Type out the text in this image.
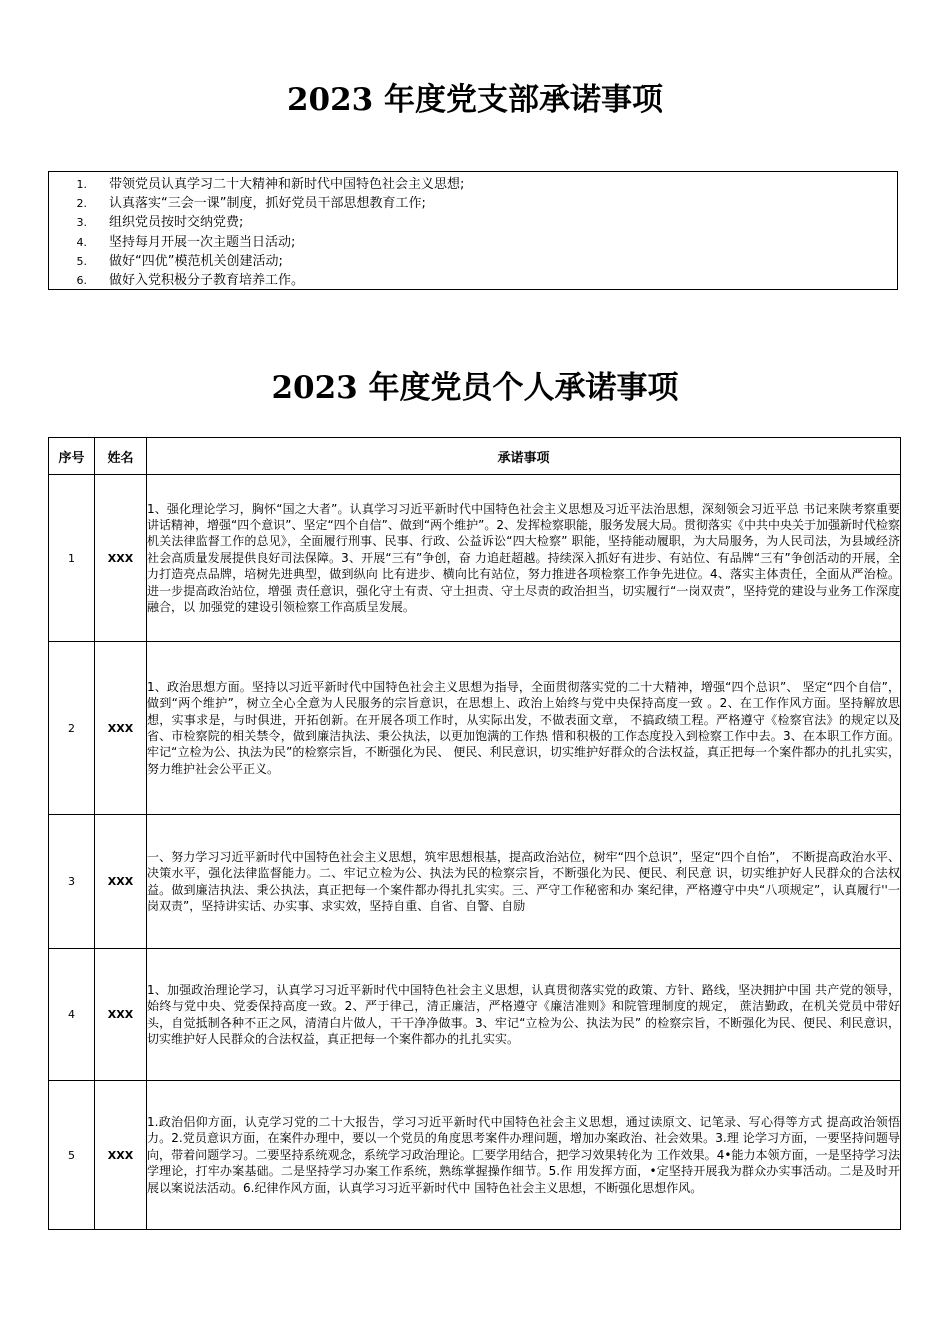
2023 年度党支部承诺事项
1.	带领党员认真学习二十大精神和新时代中国特色社会主义思想;
2.	认真落实“三会一课”制度，抓好党员干部思想教育工作;
3.	组织党员按时交纳党费;
4.	坚持每月开展一次主题当日活动;
5.	做好“四优”模范机关创建活动;
6.	做好入党积极分子教育培养工作。
2023 年度党员个人承诺事项
序号	姓名	承诺事项
1	XXX	1、强化理论学习，胸怀“国之大者”。认真学习习近平新时代中国特色社会主义思想及习近平法治思想，深刻领会习近平总 书记来陕考察重要讲话精神，增强“四个意识”、坚定“四个自信”、做到“两个维护”。2、发挥检察职能，服务发展大局。贯彻落实《中共中央关于加强新时代检察机关法律监督工作的总见》，全面履行刑事、民事、行政、公益诉讼“四大检察” 职能，坚持能动履职，为大局服务，为人民司法，为县域经济社会高质量发展提供良好司法保障。3、开展“三有”争创，奋 力追赶超越。持续深入抓好有进步、有站位、有品牌“三有”争创活动的开展，全力打造亮点品牌，培树先进典型，做到纵向 比有进步、横向比有站位，努力推进各项检察工作争先进位。4、落实主体责任，全面从严治检。进一步提高政治站位，增强 责任意识，强化守土有责、守土担责、守土尽责的政治担当，切实履行“一岗双责”，坚持党的建设与业务工作深度融合，以 加强党的建设引领检察工作高质呈发展。
2	XXX	1、政治思想方面。坚持以习近平新时代中国特色社会主义思想为指导，全面贯彻落实党的二十大精神，增强“四个总识”、 坚定“四个自信”，做到“两个维护”，树立全心全意为人民服务的宗旨意识，在思想上、政治上始终与党中央保持高度一致 。2、在工作作风方面。坚持解放思想，实事求是，与时俱进，开拓创新。在开展各项工作时，从实际出发，不做表面文章， 不搞政绩工程。严格遵守《检察官法》的规定以及省、市检察院的相关禁令，做到廉洁执法、秉公执法，以更加饱满的工作热 惜和积极的工作态度投入到检察工作中去。3、在本职工作方面。牢记“立检为公、执法为民”的检察宗旨，不断强化为民、 便民、利民意识，切实维护好群众的合法权益，真正把每一个案件都办的扎扎实实，努力维护社会公平正义。
3	XXX	一、努力学习习近平新时代中国特色社会主义思想，筑牢思想根基，提高政治站位，树牢“四个总识”，坚定“四个自怡”， 不断提高政治水平、决策水平，强化法律监督能力。二、牢记立检为公、执法为民的检察宗旨，不断强化为民、便民、利民意 识，切实维护好人民群众的合法权益。做到廉洁执法、秉公执法，真正把每一个案件都办得扎扎实实。三、严守工作秘密和办 案纪律，严格遵守中央“八项规定”，认真履行''一岗双责”，坚持讲实话、办实事、求实效，坚持自重、自省、自警、自励
4	XXX	1、加强政治理论学习，认真学习习近平新时代中国特色社会主义思想，认真贯彻落实党的政策、方针、路线，坚决拥护中国 共产党的领导，始终与党中央、党委保持高度一致。2、严于律己，清正廉洁，严格遵守《廉洁准则》和院管理制度的规定， 蔗洁勤政，在机关党员中带好头，自觉抵制各种不正之风，清清白片做人，干干净净做事。3、牢记“立检为公、执法为民” 的检察宗旨，不断强化为民、便民、利民意识，切实维护好人民群众的合法权益，真正把每一个案件都办的扎扎实实。
5	XXX	1.政治侣仰方面，认克学习党的二十大报告，学习习近平新时代中国特色社会主义思想，通过读原文、记笔录、写心得等方式 提高政治领悟力。2.党员意识方面，在案件办理中，要以一个党员的角度思考案件办理问题，增加办案政治、社会效果。3.理 论学习方面，一要坚持问题导向，带着问题学习。二要坚持系统观念，系统学习政治理论。匚要学用结合，把学习效果转化为 工作效果。4•能力本领方面，一是坚持学习法学理论，打牢办案基础。二是坚持学习办案工作系统，熟练掌握操作细节。5.作 用发挥方面，•定坚持开展我为群众办实事活动。二是及时开展以案说法活动。6.纪律作风方面，认真学习习近平新时代中 国特色社会主义思想，不断强化思想作风。
